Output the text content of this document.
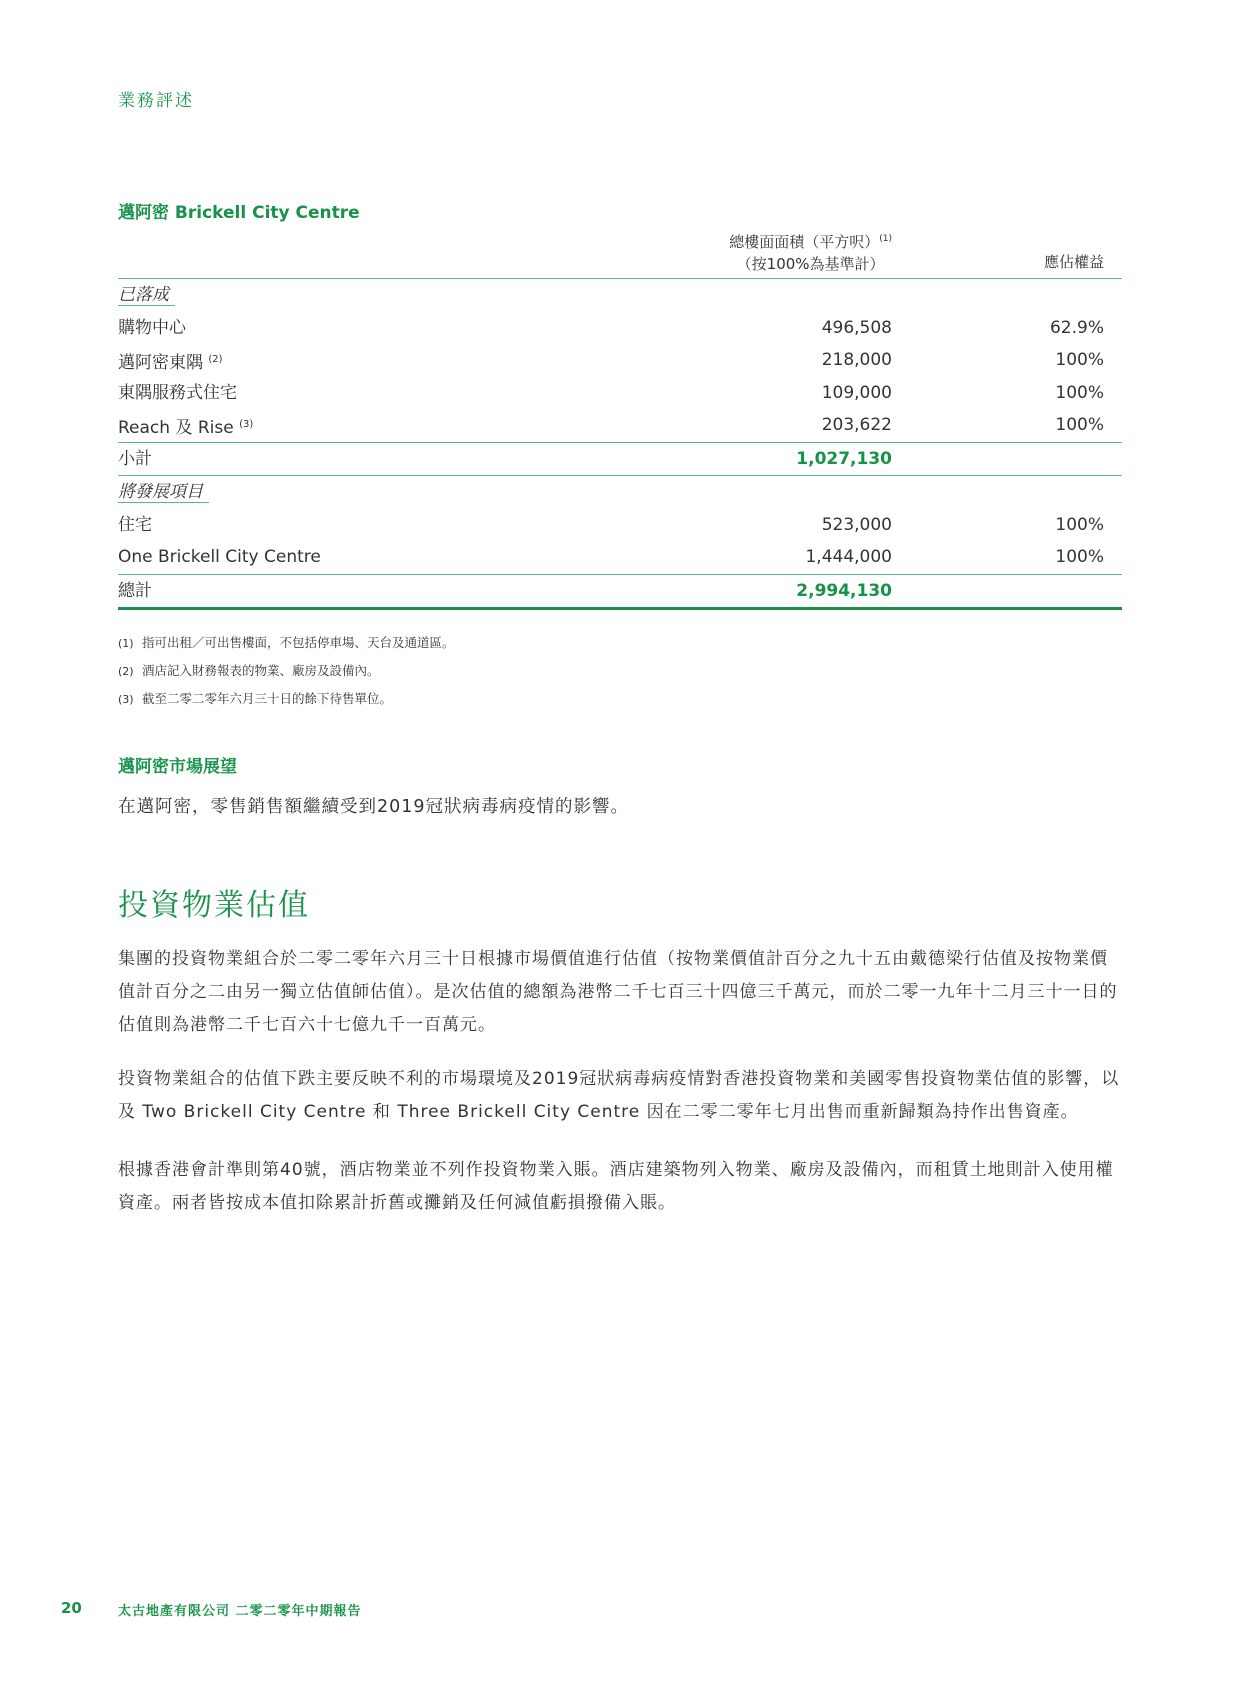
業務評述
邁阿密 Brickell City Centre
總樓面面積（平方呎）$^{(1)}$
（按100%為基準計）	應佔權益
已落成
購物中心	496,508	62.9%
邁阿密東隅 $^{(2)}$	218,000	100%
東隅服務式住宅	109,000	100%
Reach 及 Rise $^{(3)}$	203,622	100%
小計	1,027,130
將發展項目
住宅	523,000	100%
One Brickell City Centre	1,444,000	100%
總計	2,994,130
(1) 指可出租／可出售樓面，不包括停車場、天台及通道區。
(2) 酒店記入財務報表的物業、廠房及設備內。
(3) 截至二零二零年六月三十日的餘下待售單位。
邁阿密市場展望
在邁阿密，零售銷售額繼續受到2019冠狀病毒病疫情的影響。
投資物業估值
集團的投資物業組合於二零二零年六月三十日根據市場價值進行估值（按物業價值計百分之九十五由戴德梁行估值及按物業價值計百分之二由另一獨立估值師估值）。是次估值的總額為港幣二千七百三十四億三千萬元，而於二零一九年十二月三十一日的估值則為港幣二千七百六十七億九千一百萬元。
投資物業組合的估值下跌主要反映不利的市場環境及2019冠狀病毒病疫情對香港投資物業和美國零售投資物業估值的影響，以及 Two Brickell City Centre 和 Three Brickell City Centre 因在二零二零年七月出售而重新歸類為持作出售資產。
根據香港會計準則第40號，酒店物業並不列作投資物業入賬。酒店建築物列入物業、廠房及設備內，而租賃土地則計入使用權資產。兩者皆按成本值扣除累計折舊或攤銷及任何減值虧損撥備入賬。
20	太古地產有限公司 二零二零年中期報告
